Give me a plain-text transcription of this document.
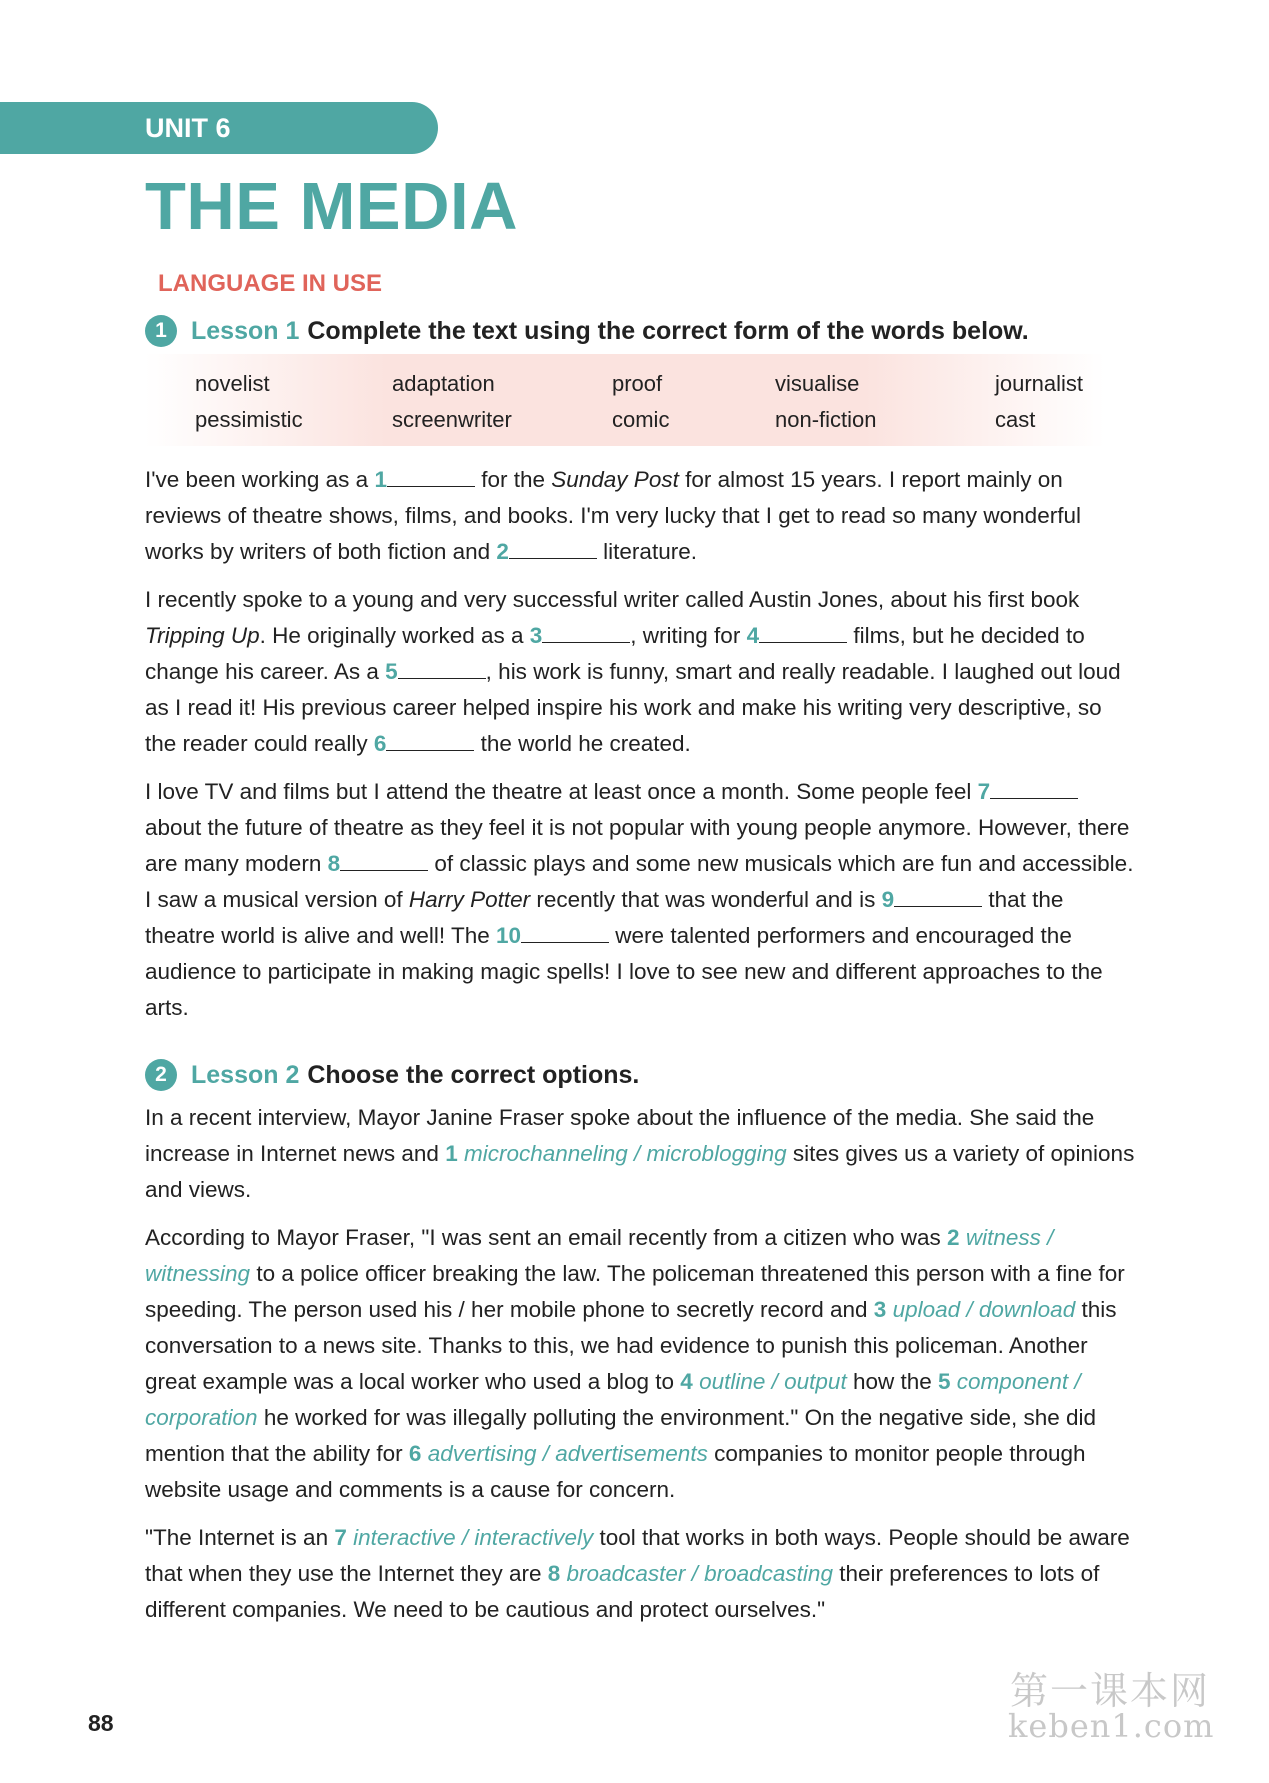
UNIT 6
THE MEDIA
LANGUAGE IN USE
1 Lesson 1 Complete the text using the correct form of the words below.
novelist	adaptation	proof	visualise	journalist
pessimistic	screenwriter	comic	non-fiction	cast

I've been working as a 1	for the Sunday Post for almost 15 years. I report mainly on reviews of theatre shows, films, and books. I'm very lucky that I get to read so many wonderful works by writers of both fiction and 2	literature.

I recently spoke to a young and very successful writer called Austin Jones, about his first book Tripping Up. He originally worked as a 3	, writing for 4	films, but he decided to change his career. As a 5	, his work is funny, smart and really readable. I laughed out loud as I read it! His previous career helped inspire his work and make his writing very descriptive, so the reader could really 6	the world he created.

I love TV and films but I attend the theatre at least once a month. Some people feel 7 about the future of theatre as they feel it is not popular with young people anymore. However, there are many modern 8	of classic plays and some new musicals which are fun and accessible. I saw a musical version of Harry Potter recently that was wonderful and is 9	that the theatre world is alive and well! The 10	were talented performers and encouraged the audience to participate in making magic spells! I love to see new and different approaches to the arts.

2 Lesson 2 Choose the correct options.

In a recent interview, Mayor Janine Fraser spoke about the influence of the media. She said the increase in Internet news and 1 microchanneling / microblogging sites gives us a variety of opinions and views.

According to Mayor Fraser, "I was sent an email recently from a citizen who was 2 witness / witnessing to a police officer breaking the law. The policeman threatened this person with a fine for speeding. The person used his / her mobile phone to secretly record and 3 upload / download this conversation to a news site. Thanks to this, we had evidence to punish this policeman. Another great example was a local worker who used a blog to 4 outline / output how the 5 component / corporation he worked for was illegally polluting the environment." On the negative side, she did mention that the ability for 6 advertising / advertisements companies to monitor people through website usage and comments is a cause for concern.

"The Internet is an 7 interactive / interactively tool that works in both ways. People should be aware that when they use the Internet they are 8 broadcaster / broadcasting their preferences to lots of different companies. We need to be cautious and protect ourselves."

88
第一课本网
keben1.com
